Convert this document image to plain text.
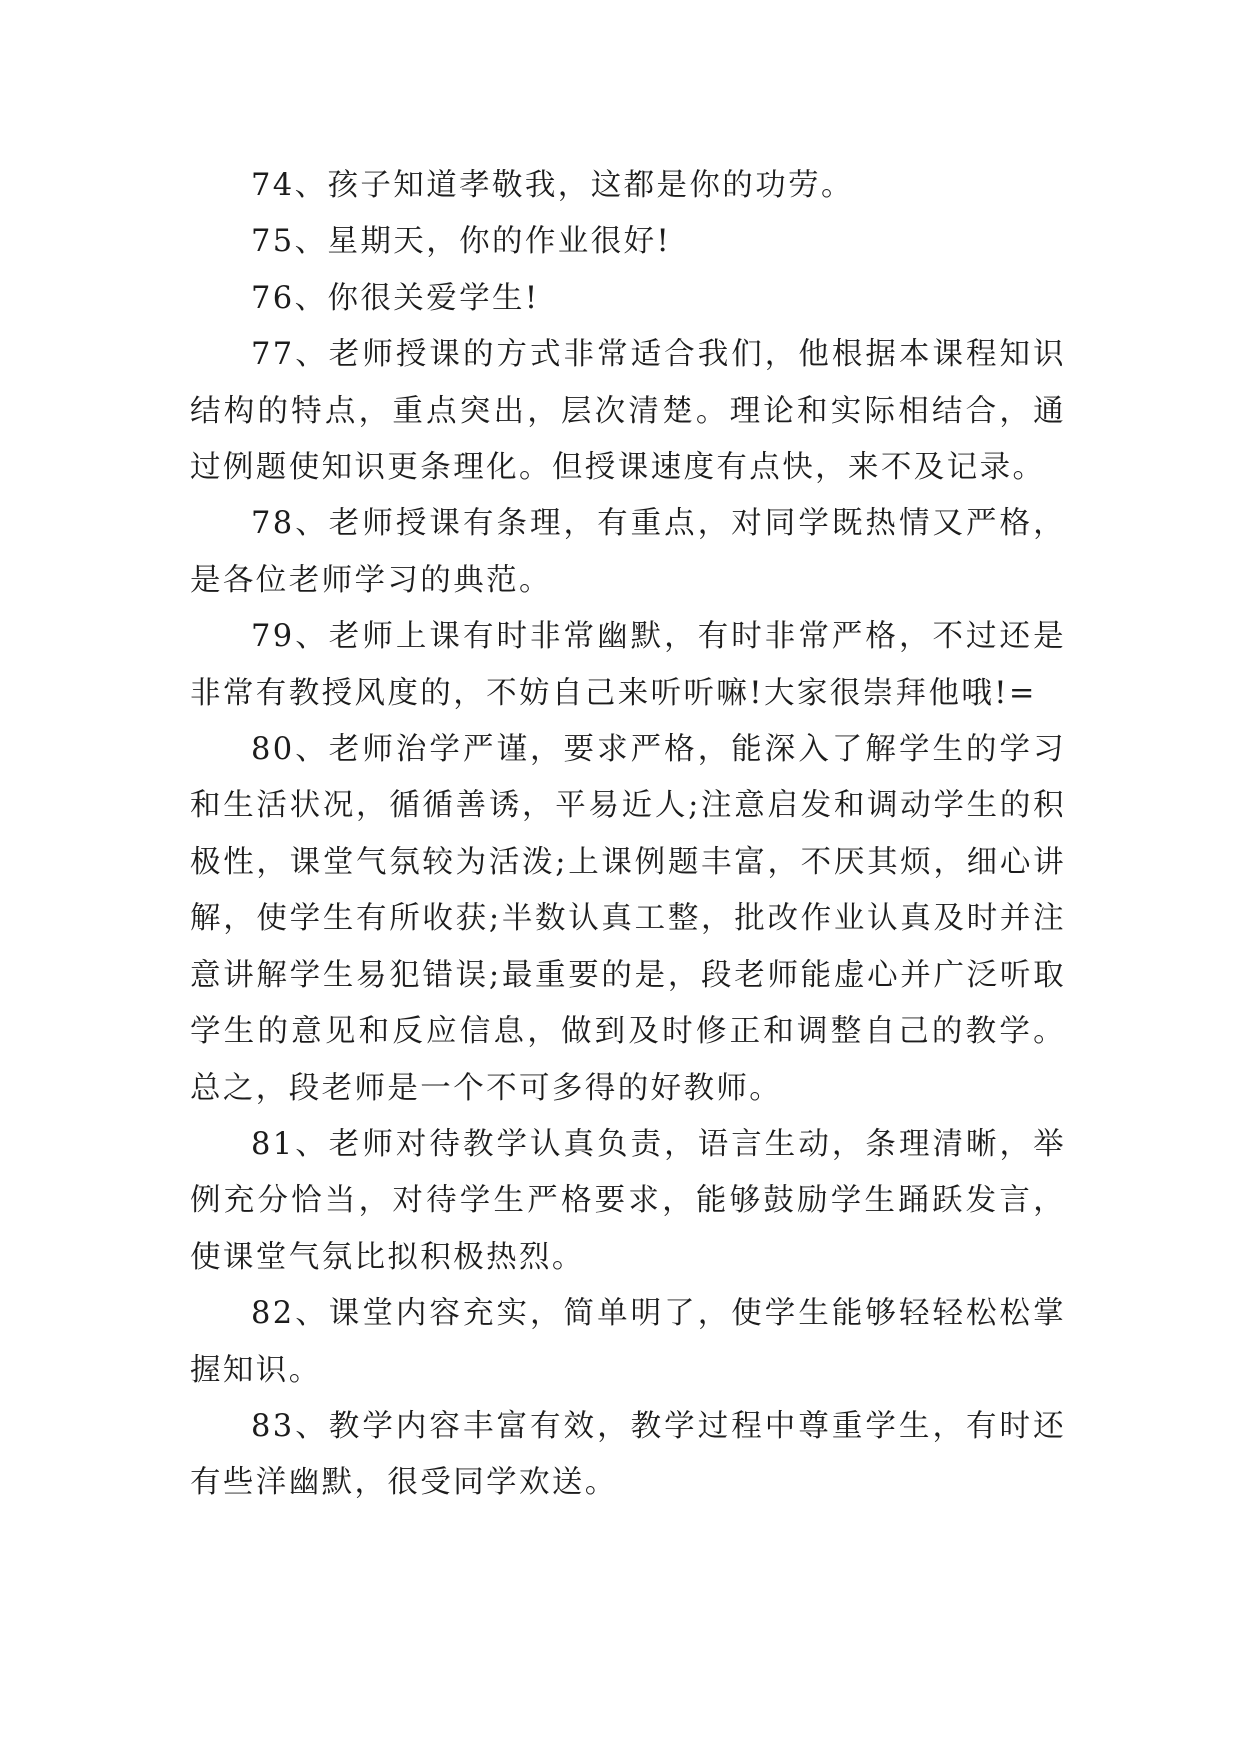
74、孩子知道孝敬我，这都是你的功劳。

75、星期天，你的作业很好!

76、你很关爱学生!

77、老师授课的方式非常适合我们，他根据本课程知识结构的特点，重点突出，层次清楚。理论和实际相结合，通过例题使知识更条理化。但授课速度有点快，来不及记录。

78、老师授课有条理，有重点，对同学既热情又严格，是各位老师学习的典范。

79、老师上课有时非常幽默，有时非常严格，不过还是非常有教授风度的，不妨自己来听听嘛!大家很崇拜他哦!=

80、老师治学严谨，要求严格，能深入了解学生的学习和生活状况，循循善诱，平易近人;注意启发和调动学生的积极性，课堂气氛较为活泼;上课例题丰富，不厌其烦，细心讲解，使学生有所收获;半数认真工整，批改作业认真及时并注意讲解学生易犯错误;最重要的是，段老师能虚心并广泛听取学生的意见和反应信息，做到及时修正和调整自己的教学。总之，段老师是一个不可多得的好教师。

81、老师对待教学认真负责，语言生动，条理清晰，举例充分恰当，对待学生严格要求，能够鼓励学生踊跃发言，使课堂气氛比拟积极热烈。

82、课堂内容充实，简单明了，使学生能够轻轻松松掌握知识。

83、教学内容丰富有效，教学过程中尊重学生，有时还有些洋幽默，很受同学欢送。
